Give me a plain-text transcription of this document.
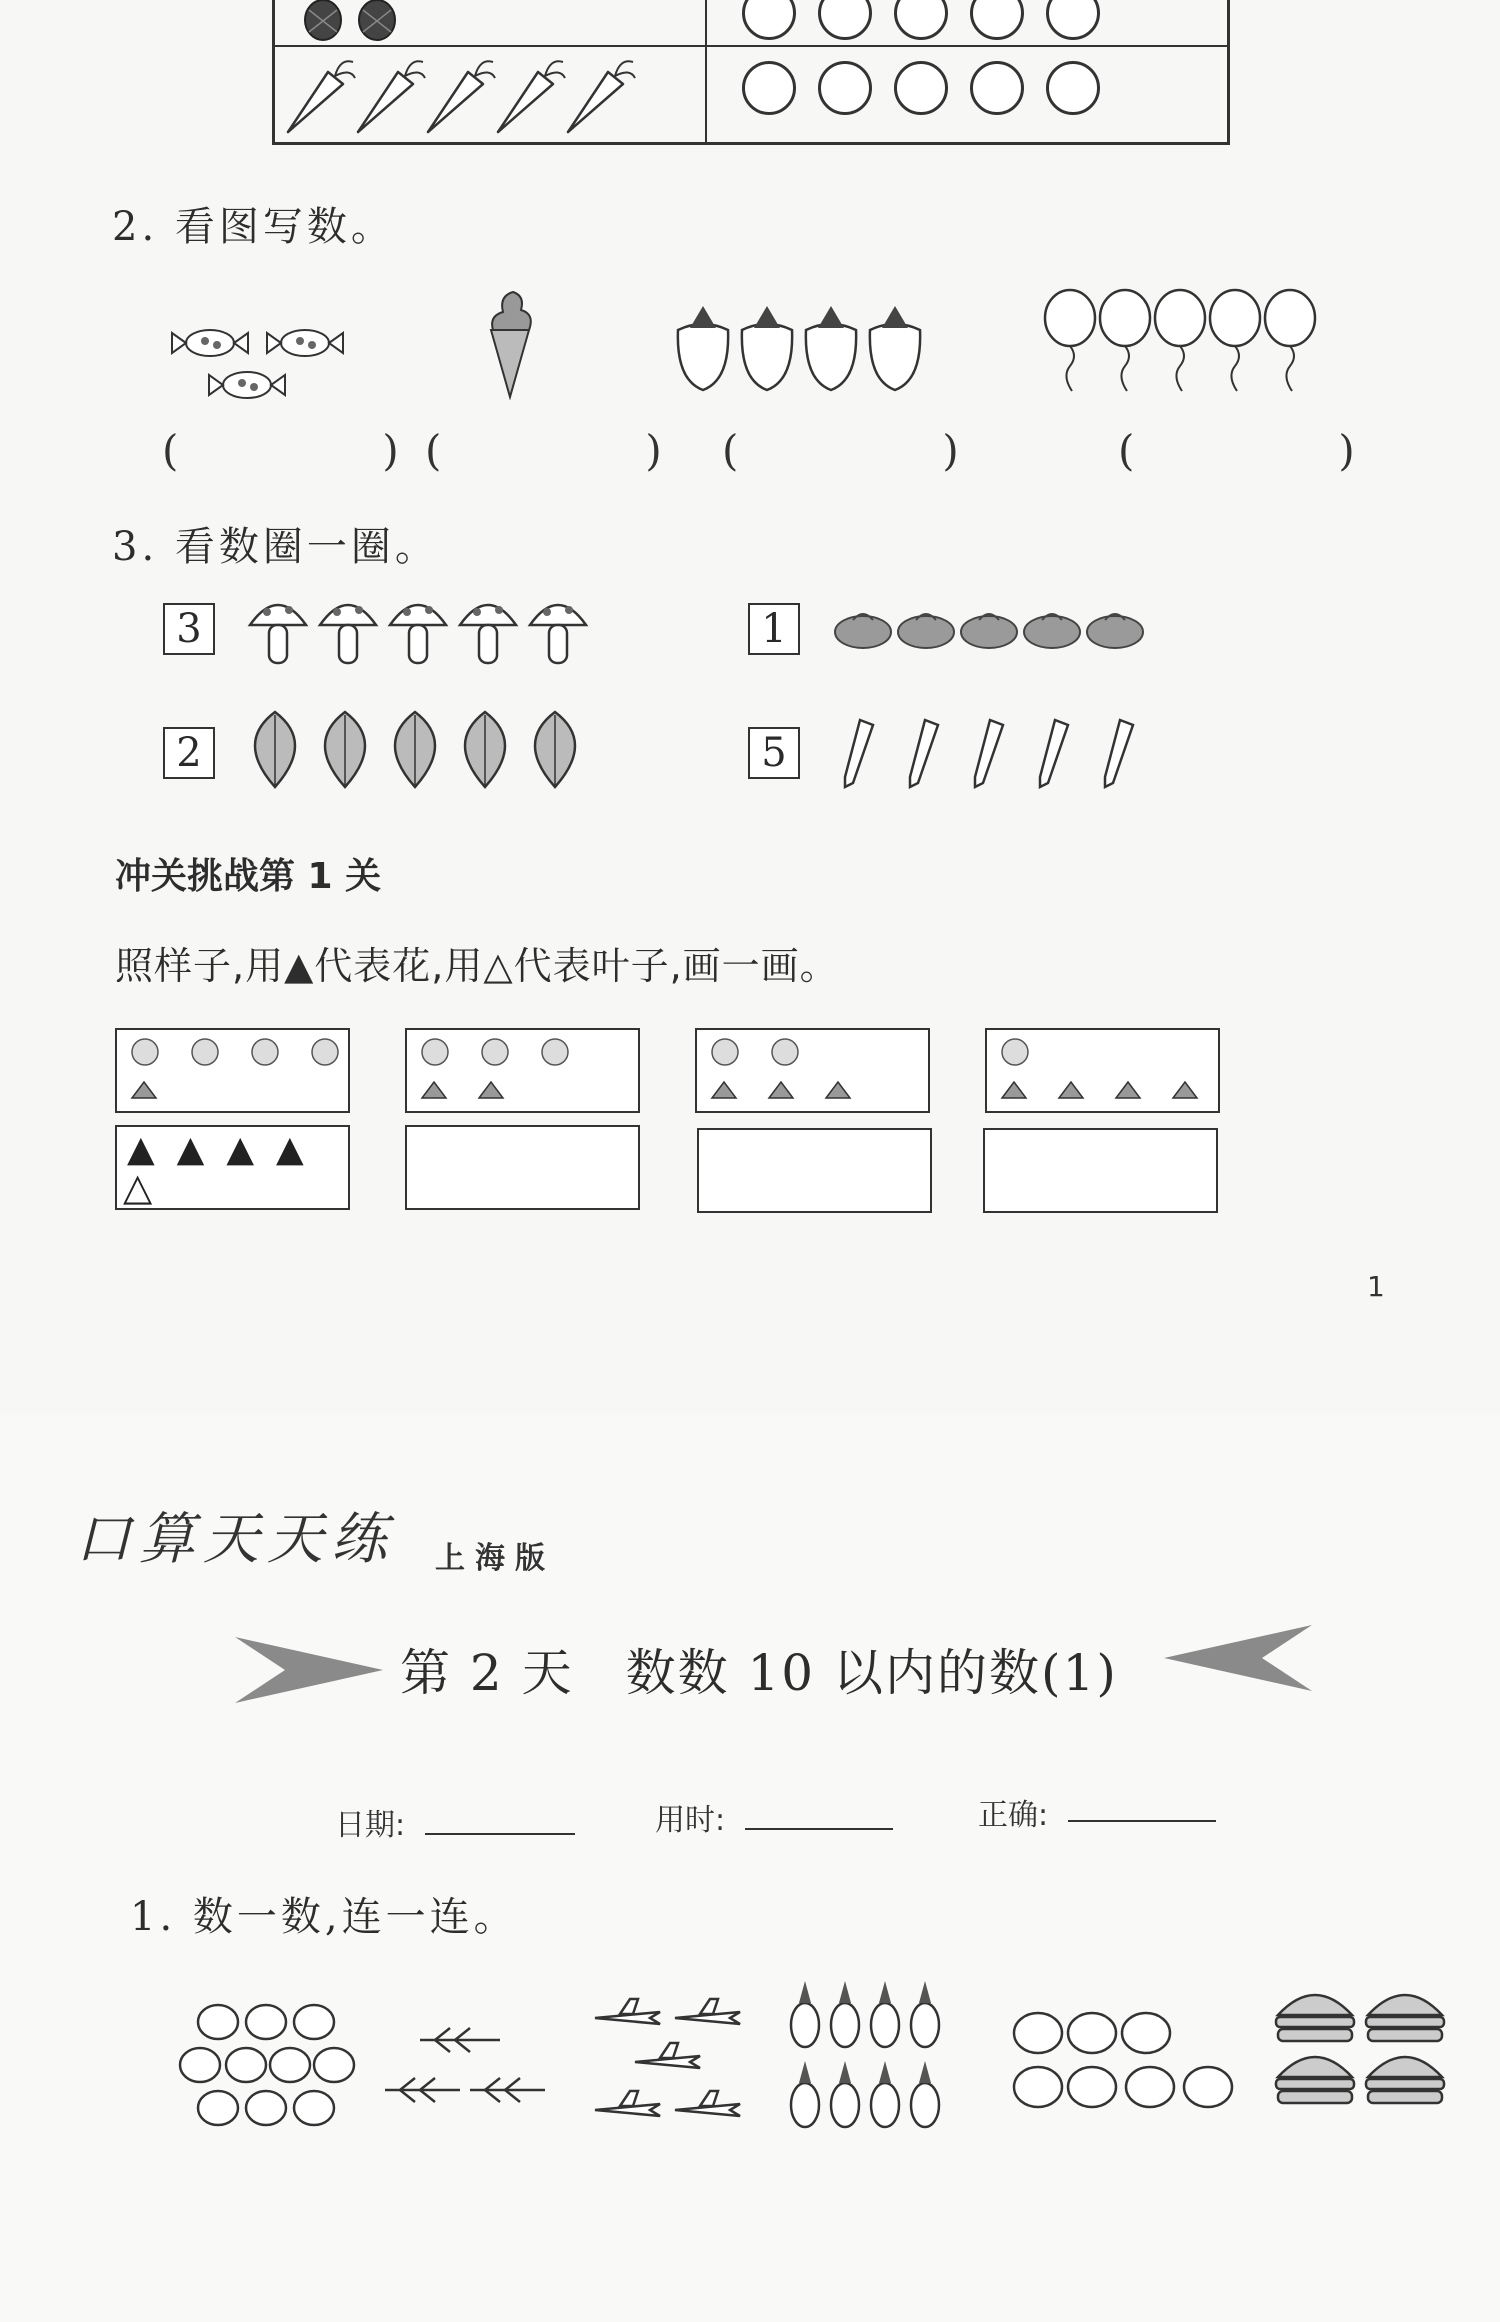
2. 看图写数。
(　　)
(　　) (　　)	(　　)
3. 看数圈一圈。
3	1
2	5
冲关挑战第 1 关
照样子,用▲代表花,用△代表叶子,画一画。
▲▲▲▲
△
1
口算天天练 上海版
第 2 天　数数 10 以内的数(1)
日期:	用时:	正确:
1. 数一数,连一连。
